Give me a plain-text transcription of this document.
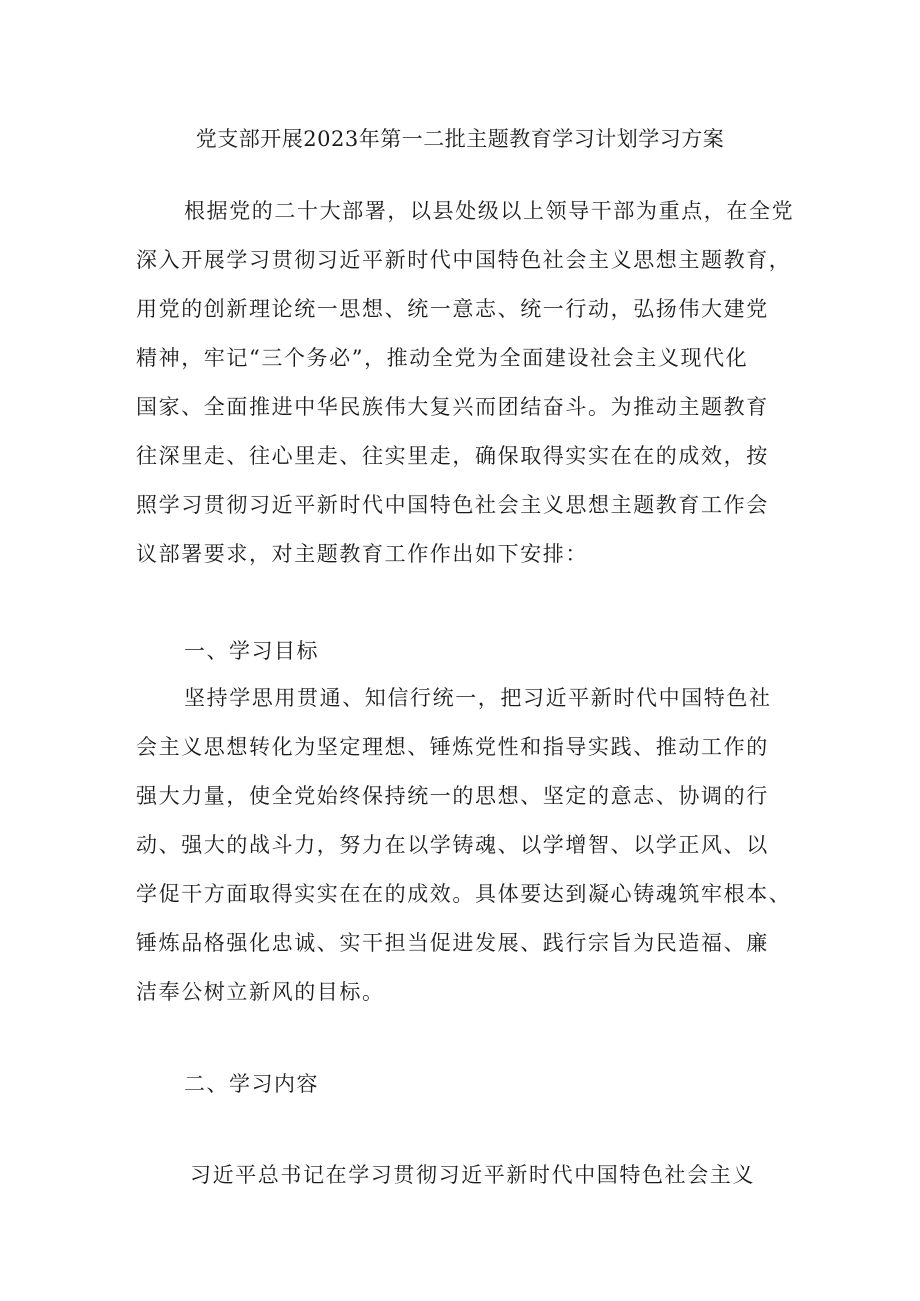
党支部开展2023年第一二批主题教育学习计划学习方案
根据党的二十大部署，以县处级以上领导干部为重点，在全党
深入开展学习贯彻习近平新时代中国特色社会主义思想主题教育，
用党的创新理论统一思想、统一意志、统一行动，弘扬伟大建党
精神，牢记“三个务必”，推动全党为全面建设社会主义现代化
国家、全面推进中华民族伟大复兴而团结奋斗。为推动主题教育
往深里走、往心里走、往实里走，确保取得实实在在的成效，按
照学习贯彻习近平新时代中国特色社会主义思想主题教育工作会
议部署要求，对主题教育工作作出如下安排：
一、学习目标
坚持学思用贯通、知信行统一，把习近平新时代中国特色社
会主义思想转化为坚定理想、锤炼党性和指导实践、推动工作的
强大力量，使全党始终保持统一的思想、坚定的意志、协调的行
动、强大的战斗力，努力在以学铸魂、以学增智、以学正风、以
学促干方面取得实实在在的成效。具体要达到凝心铸魂筑牢根本、
锤炼品格强化忠诚、实干担当促进发展、践行宗旨为民造福、廉
洁奉公树立新风的目标。
二、学习内容
习近平总书记在学习贯彻习近平新时代中国特色社会主义
